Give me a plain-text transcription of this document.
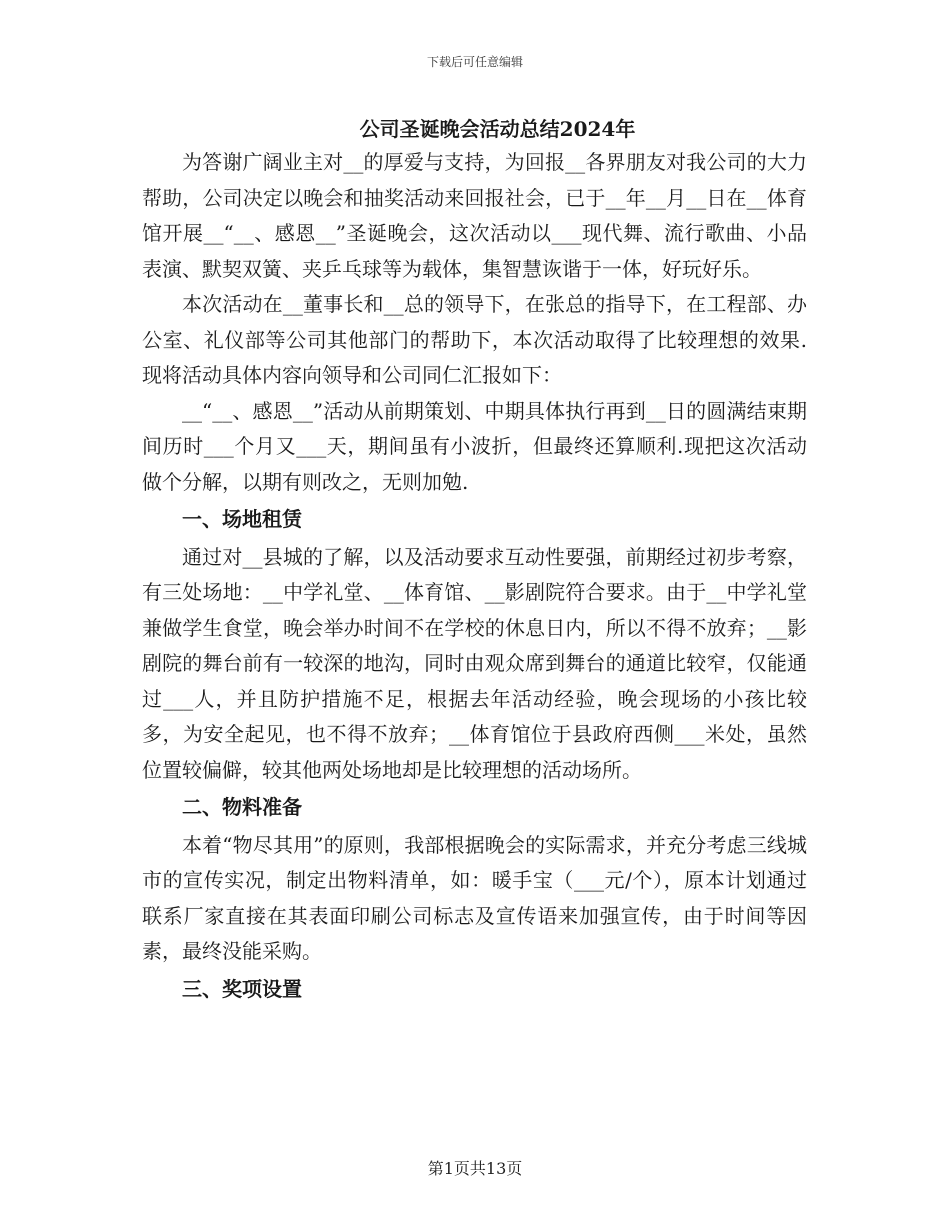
下载后可任意编辑
公司圣诞晚会活动总结2024年

为答谢广阔业主对__的厚爱与支持，为回报__各界朋友对我公司的大力帮助，公司决定以晚会和抽奖活动来回报社会，已于__年__月__日在__体育馆开展__“__、感恩__”圣诞晚会，这次活动以___现代舞、流行歌曲、小品表演、默契双簧、夹乒乓球等为载体，集智慧诙谐于一体，好玩好乐。

本次活动在__董事长和__总的领导下，在张总的指导下，在工程部、办公室、礼仪部等公司其他部门的帮助下，本次活动取得了比较理想的效果.现将活动具体内容向领导和公司同仁汇报如下：

__“__、感恩__”活动从前期策划、中期具体执行再到__日的圆满结束期间历时___个月又___天，期间虽有小波折，但最终还算顺利.现把这次活动做个分解，以期有则改之，无则加勉.

一、场地租赁

通过对__县城的了解，以及活动要求互动性要强，前期经过初步考察，有三处场地：__中学礼堂、__体育馆、__影剧院符合要求。由于__中学礼堂兼做学生食堂，晚会举办时间不在学校的休息日内，所以不得不放弃；__影剧院的舞台前有一较深的地沟，同时由观众席到舞台的通道比较窄，仅能通过___人，并且防护措施不足，根据去年活动经验，晚会现场的小孩比较多，为安全起见，也不得不放弃；__体育馆位于县政府西侧___米处，虽然位置较偏僻，较其他两处场地却是比较理想的活动场所。

二、物料准备

本着“物尽其用”的原则，我部根据晚会的实际需求，并充分考虑三线城市的宣传实况，制定出物料清单，如：暖手宝（___元/个），原本计划通过联系厂家直接在其表面印刷公司标志及宣传语来加强宣传，由于时间等因素，最终没能采购。

三、奖项设置
第1页共13页
